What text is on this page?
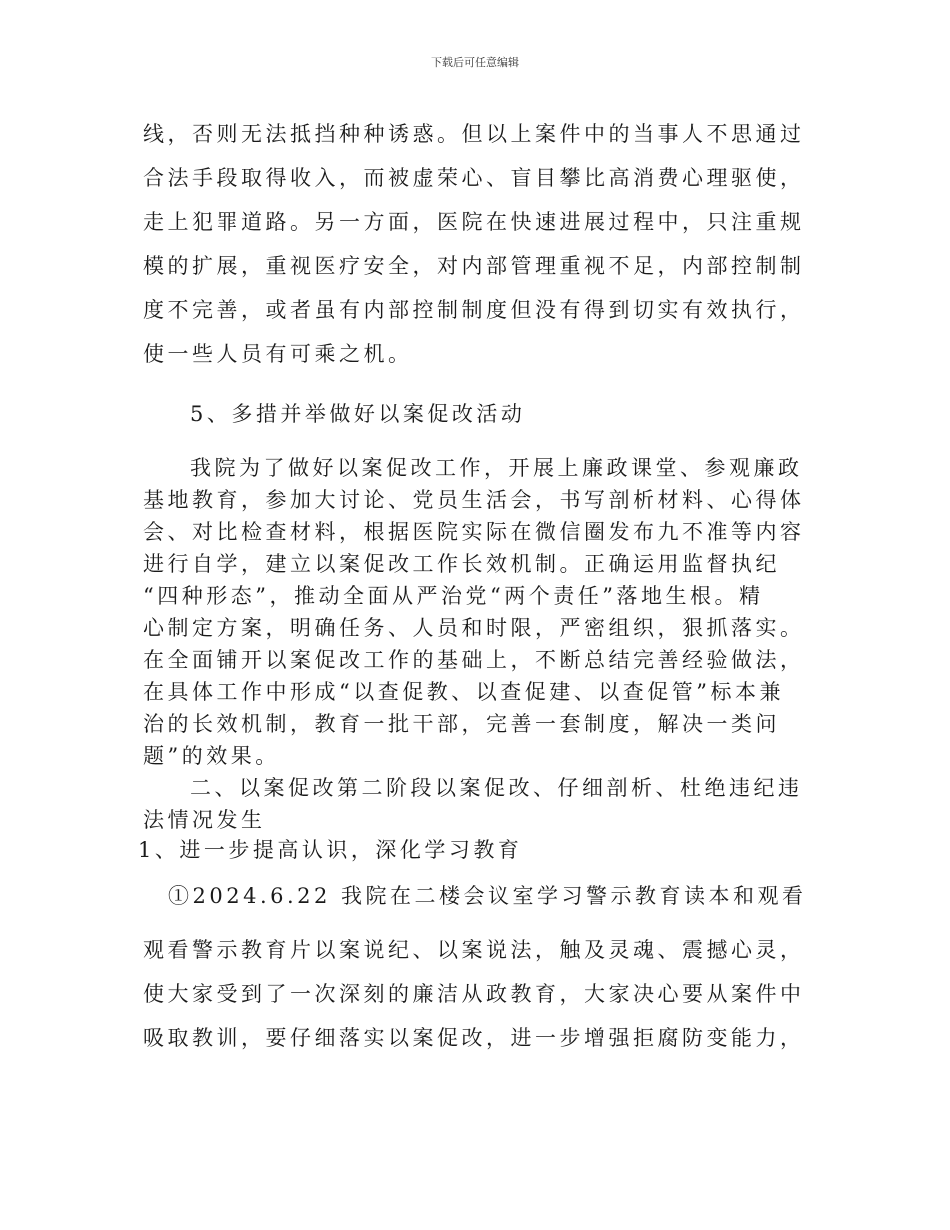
下载后可任意编辑
线，否则无法抵挡种种诱惑。但以上案件中的当事人不思通过
合法手段取得收入，而被虚荣心、盲目攀比高消费心理驱使，
走上犯罪道路。另一方面，医院在快速进展过程中，只注重规
模的扩展，重视医疗安全，对内部管理重视不足，内部控制制
度不完善，或者虽有内部控制制度但没有得到切实有效执行，
使一些人员有可乘之机。
5、多措并举做好以案促改活动
我院为了做好以案促改工作，开展上廉政课堂、参观廉政
基地教育，参加大讨论、党员生活会，书写剖析材料、心得体
会、对比检查材料，根据医院实际在微信圈发布九不准等内容
进行自学，建立以案促改工作长效机制。正确运用监督执纪
“四种形态”，推动全面从严治党“两个责任”落地生根。精
心制定方案，明确任务、人员和时限，严密组织，狠抓落实。
在全面铺开以案促改工作的基础上，不断总结完善经验做法，
在具体工作中形成“以查促教、以查促建、以查促管”标本兼
治的长效机制，教育一批干部，完善一套制度，解决一类问
题”的效果。
二、以案促改第二阶段以案促改、仔细剖析、杜绝违纪违
法情况发生
1、进一步提高认识，深化学习教育
①2024.6.22 我院在二楼会议室学习警示教育读本和观看
观看警示教育片以案说纪、以案说法，触及灵魂、震撼心灵，
使大家受到了一次深刻的廉洁从政教育，大家决心要从案件中
吸取教训，要仔细落实以案促改，进一步增强拒腐防变能力，
